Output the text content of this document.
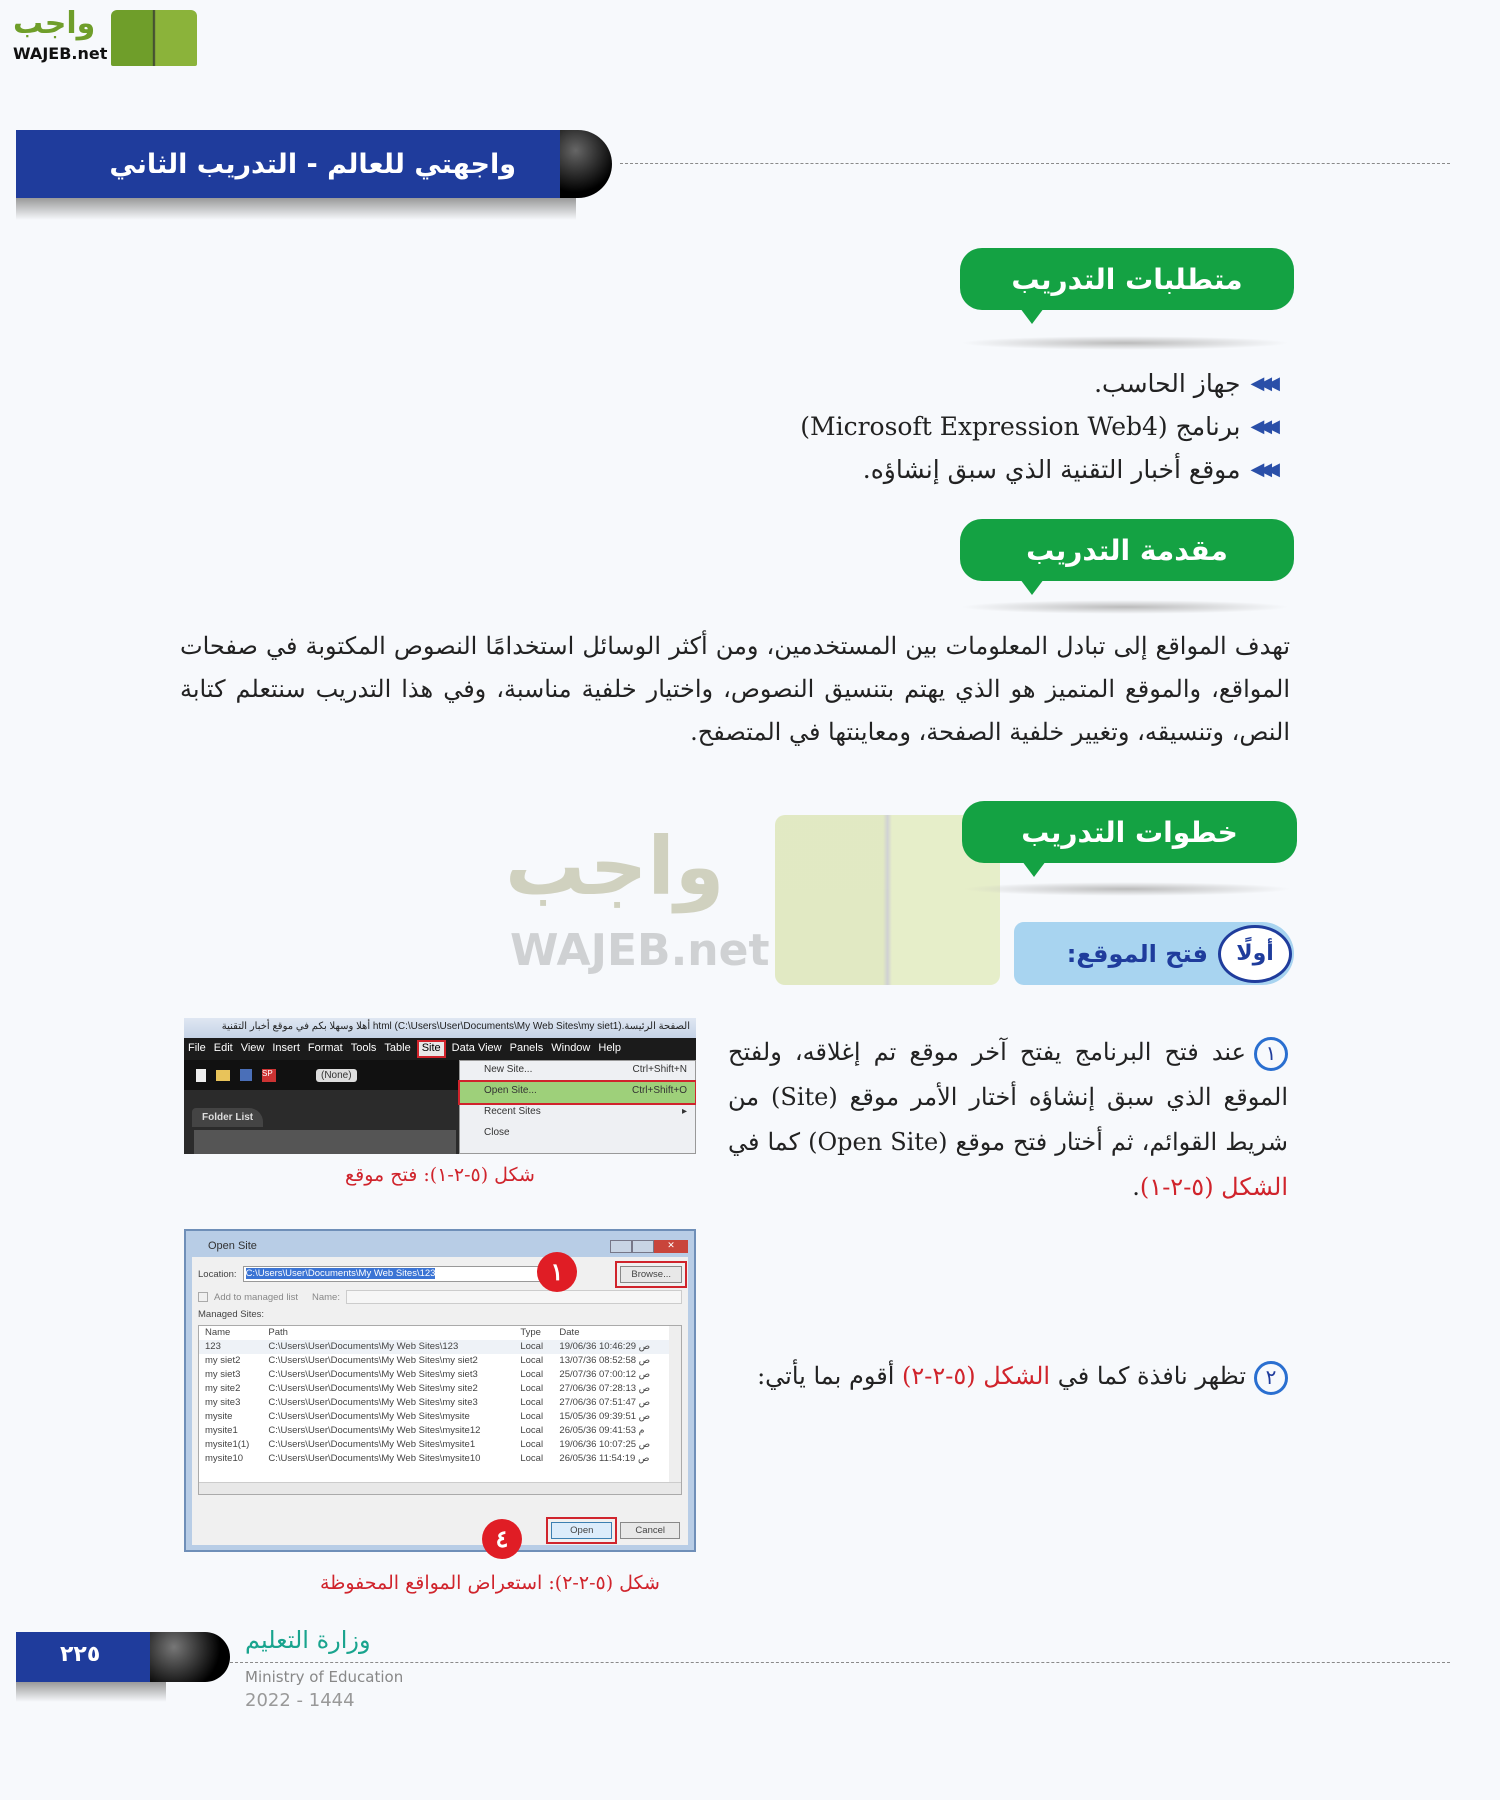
واجب
WAJEB.net
واجهتي للعالم - التدريب الثاني
واجب
WAJEB.net
متطلبات التدريب
◀◀◀
جهاز الحاسب.
◀◀◀
برنامج (Microsoft Expression Web4)
◀◀◀
موقع أخبار التقنية الذي سبق إنشاؤه.
مقدمة التدريب
تهدف المواقع إلى تبادل المعلومات بين المستخدمين، ومن أكثر الوسائل استخدامًا النصوص المكتوبة في صفحات المواقع، والموقع المتميز هو الذي يهتم بتنسيق النصوص، واختيار خلفية مناسبة، وفي هذا التدريب سنتعلم كتابة النص، وتنسيقه، وتغيير خلفية الصفحة، ومعاينتها في المتصفح.
خطوات التدريب
أولًا
فتح الموقع:
١عند فتح البرنامج يفتح آخر موقع تم إغلاقه، ولفتح الموقع الذي سبق إنشاؤه أختار الأمر موقع (Site) من شريط القوائم، ثم أختار فتح موقع (Open Site) كما في الشكل (٥-٢-١).
٢تظهر نافذة كما في الشكل (٥-٢-٢) أقوم بما يأتي:
الصفحة الرئيسة.html (C:\Users\User\Documents\My Web Sites\my siet1) أهلا وسهلا بكم في موقع أخبار التقنية
File Edit View Insert Format Tools Table Site Data View Panels Window Help
SP	(None)
Folder List
New Site...	Ctrl+Shift+N
Open Site...	Ctrl+Shift+O
Recent Sites	▸
Close
شكل (٥-٢-١): فتح موقع
Open Site	✕
Location: C:\Users\User\Documents\My Web Sites\123	Browse...
١
Add to managed list Name:
Managed Sites:
Name	Path	Type	Date
123	C:\Users\User\Documents\My Web Sites\123	Local	19/06/36 10:46:29 ص
my siet2	C:\Users\User\Documents\My Web Sites\my siet2	Local	13/07/36 08:52:58 ص
my siet3	C:\Users\User\Documents\My Web Sites\my siet3	Local	25/07/36 07:00:12 ص
my site2	C:\Users\User\Documents\My Web Sites\my site2	Local	27/06/36 07:28:13 ص
my site3	C:\Users\User\Documents\My Web Sites\my site3	Local	27/06/36 07:51:47 ص
mysite	C:\Users\User\Documents\My Web Sites\mysite	Local	15/05/36 09:39:51 ص
mysite1	C:\Users\User\Documents\My Web Sites\mysite12	Local	26/05/36 09:41:53 م
mysite1(1)	C:\Users\User\Documents\My Web Sites\mysite1	Local	19/06/36 10:07:25 ص
mysite10	C:\Users\User\Documents\My Web Sites\mysite10	Local	26/05/36 11:54:19 ص
Open	Cancel
٤
شكل (٥-٢-٢): استعراض المواقع المحفوظة
٢٢٥
وزارة التعليم
Ministry of Education
2022 - 1444
